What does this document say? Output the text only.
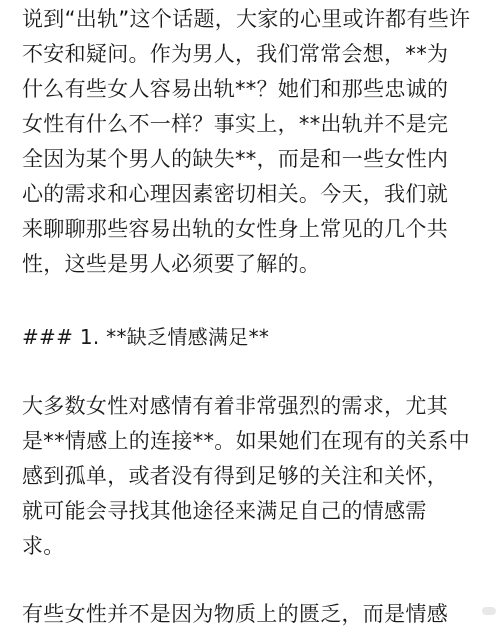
说到“出轨”这个话题，大家的心里或许都有些许
不安和疑问。作为男人，我们常常会想，**为
什么有些女人容易出轨**？她们和那些忠诚的
女性有什么不一样？事实上，**出轨并不是完
全因为某个男人的缺失**，而是和一些女性内
心的需求和心理因素密切相关。今天，我们就
来聊聊那些容易出轨的女性身上常见的几个共
性，这些是男人必须要了解的。
### 1. **缺乏情感满足**
大多数女性对感情有着非常强烈的需求，尤其
是**情感上的连接**。如果她们在现有的关系中
感到孤单，或者没有得到足够的关注和关怀，
就可能会寻找其他途径来满足自己的情感需
求。
有些女性并不是因为物质上的匮乏，而是情感
